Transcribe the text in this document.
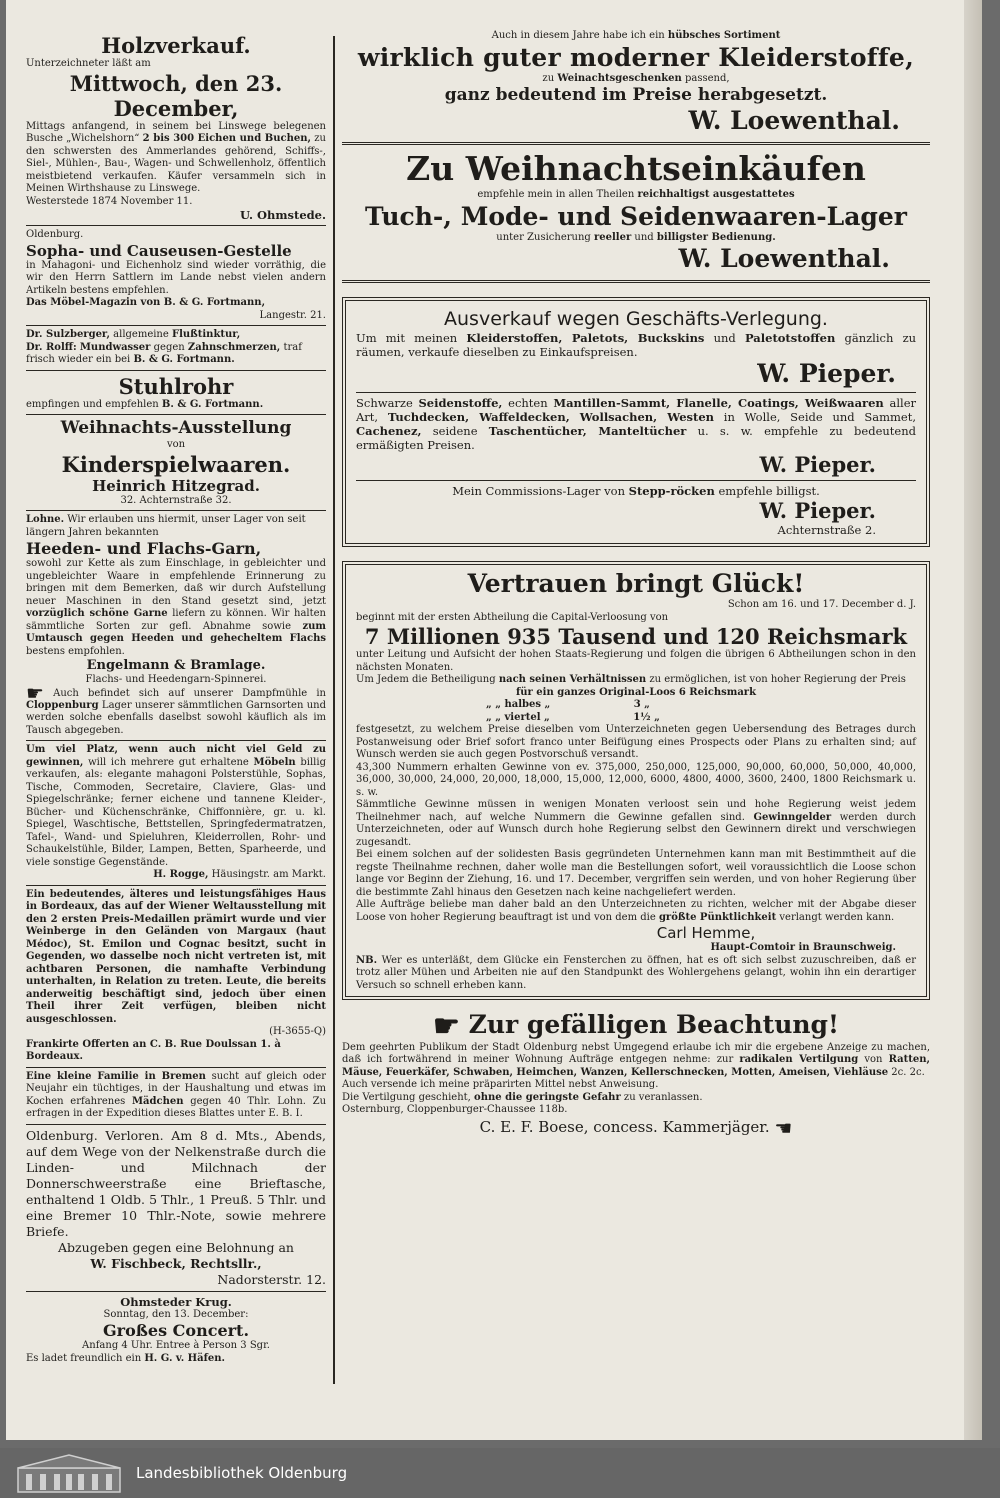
Holzverkauf.
Unterzeichneter läßt am
Mittwoch, den 23. December,
Mittags anfangend, in seinem bei Linswege belegenen Busche „Wichelshorn“ 2 bis 300 Eichen und Buchen, zu den schwersten des Ammerlandes gehörend, Schiffs-, Siel-, Mühlen-, Bau-, Wagen- und Schwellenholz, öffentlich meistbietend verkaufen. Käufer versammeln sich in Meinen Wirthshause zu Linswege.
Westerstede 1874 November 11.
U. Ohmstede.
Oldenburg.
Sopha- und Causeusen-Gestelle
in Mahagoni- und Eichenholz sind wieder vorräthig, die wir den Herrn Sattlern im Lande nebst vielen andern Artikeln bestens empfehlen.
Das Möbel-Magazin von B. & G. Fortmann,
Langestr. 21.
Dr. Sulzberger, allgemeine Flußtinktur,
Dr. Rolff: Mundwasser gegen Zahnschmerzen, traf
frisch wieder ein bei B. & G. Fortmann.
Stuhlrohr
empfingen und empfehlen B. & G. Fortmann.
Weihnachts-Ausstellung
von
Kinderspielwaaren.
Heinrich Hitzegrad.
32. Achternstraße 32.
Lohne. Wir erlauben uns hiermit, unser Lager von seit längern Jahren bekannten
Heeden- und Flachs-Garn,
sowohl zur Kette als zum Einschlage, in gebleichter und ungebleichter Waare in empfehlende Erinnerung zu bringen mit dem Bemerken, daß wir durch Aufstellung neuer Maschinen in den Stand gesetzt sind, jetzt vorzüglich schöne Garne liefern zu können. Wir halten sämmtliche Sorten zur gefl. Abnahme sowie zum Umtausch gegen Heeden und gehecheltem Flachs bestens empfohlen.
Engelmann & Bramlage.
Flachs- und Heedengarn-Spinnerei.
☛ Auch befindet sich auf unserer Dampfmühle in Cloppenburg Lager unserer sämmtlichen Garnsorten und werden solche ebenfalls daselbst sowohl käuflich als im Tausch abgegeben.
Um viel Platz, wenn auch nicht viel Geld zu gewinnen, will ich mehrere gut erhaltene Möbeln billig verkaufen, als: elegante mahagoni Polsterstühle, Sophas, Tische, Commoden, Secretaire, Claviere, Glas- und Spiegelschränke; ferner eichene und tannene Kleider-, Bücher- und Küchenschränke, Chiffonnière, gr. u. kl. Spiegel, Waschtische, Bettstellen, Springfedermatratzen, Tafel-, Wand- und Spieluhren, Kleiderrollen, Rohr- und Schaukelstühle, Bilder, Lampen, Betten, Sparheerde, und viele sonstige Gegenstände.
H. Rogge, Häusingstr. am Markt.
Ein bedeutendes, älteres und leistungsfähiges Haus in Bordeaux, das auf der Wiener Weltausstellung mit den 2 ersten Preis-Medaillen prämirt wurde und vier Weinberge in den Geländen von Margaux (haut Médoc), St. Emilon und Cognac besitzt, sucht in Gegenden, wo dasselbe noch nicht vertreten ist, mit achtbaren Personen, die namhafte Verbindung unterhalten, in Relation zu treten. Leute, die bereits anderweitig beschäftigt sind, jedoch über einen Theil ihrer Zeit verfügen, bleiben nicht ausgeschlossen.
(H-3655-Q)
Frankirte Offerten an C. B. Rue Doulssan 1. à Bordeaux.
Eine kleine Familie in Bremen sucht auf gleich oder Neujahr ein tüchtiges, in der Haushaltung und etwas im Kochen erfahrenes Mädchen gegen 40 Thlr. Lohn. Zu erfragen in der Expedition dieses Blattes unter E. B. I.
Oldenburg. Verloren. Am 8 d. Mts., Abends, auf dem Wege von der Nelkenstraße durch die Linden- und Milchnach der Donnerschweerstraße eine Brieftasche, enthaltend 1 Oldb. 5 Thlr., 1 Preuß. 5 Thlr. und eine Bremer 10 Thlr.-Note, sowie mehrere Briefe.
Abzugeben gegen eine Belohnung an
W. Fischbeck, Rechtsllr.,
Nadorsterstr. 12.
Ohmsteder Krug.
Sonntag, den 13. December:
Großes Concert.
Anfang 4 Uhr. Entree à Person 3 Sgr.
Es ladet freundlich ein H. G. v. Häfen.
Auch in diesem Jahre habe ich ein hübsches Sortiment
wirklich guter moderner Kleiderstoffe,
zu Weinachtsgeschenken passend,
ganz bedeutend im Preise herabgesetzt.
W. Loewenthal.
Zu Weihnachtseinkäufen
empfehle mein in allen Theilen reichhaltigst ausgestattetes
Tuch-, Mode- und Seidenwaaren-Lager
unter Zusicherung reeller und billigster Bedienung.
W. Loewenthal.
Ausverkauf wegen Geschäfts-Verlegung.
Um mit meinen Kleiderstoffen, Paletots, Buckskins und Paletotstoffen gänzlich zu räumen, verkaufe dieselben zu Einkaufspreisen.
W. Pieper.
Schwarze Seidenstoffe, echten Mantillen-Sammt, Flanelle, Coatings, Weißwaaren aller Art, Tuchdecken, Waffeldecken, Wollsachen, Westen in Wolle, Seide und Sammet, Cachenez, seidene Taschentücher, Manteltücher u. s. w. empfehle zu bedeutend ermäßigten Preisen.
W. Pieper.
Mein Commissions-Lager von Stepp-röcken empfehle billigst.
W. Pieper.
Achternstraße 2.
Vertrauen bringt Glück!
Schon am 16. und 17. December d. J.
beginnt mit der ersten Abtheilung die Capital-Verloosung von
7 Millionen 935 Tausend und 120 Reichsmark
unter Leitung und Aufsicht der hohen Staats-Regierung und folgen die übrigen 6 Abtheilungen schon in den nächsten Monaten.
Um Jedem die Betheiligung nach seinen Verhältnissen zu ermöglichen, ist von hoher Regierung der Preis
für ein ganzes Original-Loos 6 Reichsmark
„ „ halbes „	3 „
„ „ viertel „	1½ „
festgesetzt, zu welchem Preise dieselben vom Unterzeichneten gegen Uebersendung des Betrages durch Postanweisung oder Brief sofort franco unter Beifügung eines Prospects oder Plans zu erhalten sind; auf Wunsch werden sie auch gegen Postvorschuß versandt.
43,300 Nummern erhalten Gewinne von ev. 375,000, 250,000, 125,000, 90,000, 60,000, 50,000, 40,000, 36,000, 30,000, 24,000, 20,000, 18,000, 15,000, 12,000, 6000, 4800, 4000, 3600, 2400, 1800 Reichsmark u. s. w.
Sämmtliche Gewinne müssen in wenigen Monaten verloost sein und hohe Regierung weist jedem Theilnehmer nach, auf welche Nummern die Gewinne gefallen sind. Gewinngelder werden durch Unterzeichneten, oder auf Wunsch durch hohe Regierung selbst den Gewinnern direkt und verschwiegen zugesandt.
Bei einem solchen auf der solidesten Basis gegründeten Unternehmen kann man mit Bestimmtheit auf die regste Theilnahme rechnen, daher wolle man die Bestellungen sofort, weil voraussichtlich die Loose schon lange vor Beginn der Ziehung, 16. und 17. December, vergriffen sein werden, und von hoher Regierung über die bestimmte Zahl hinaus den Gesetzen nach keine nachgeliefert werden.
Alle Aufträge beliebe man daher bald an den Unterzeichneten zu richten, welcher mit der Abgabe dieser Loose von hoher Regierung beauftragt ist und von dem die größte Pünktlichkeit verlangt werden kann.
Carl Hemme,
Haupt-Comtoir in Braunschweig.
NB. Wer es unterläßt, dem Glücke ein Fensterchen zu öffnen, hat es oft sich selbst zuzuschreiben, daß er trotz aller Mühen und Arbeiten nie auf den Standpunkt des Wohlergehens gelangt, wohin ihn ein derartiger Versuch so schnell erheben kann.
☛ Zur gefälligen Beachtung!
Dem geehrten Publikum der Stadt Oldenburg nebst Umgegend erlaube ich mir die ergebene Anzeige zu machen, daß ich fortwährend in meiner Wohnung Aufträge entgegen nehme: zur radikalen Vertilgung von Ratten, Mäuse, Feuerkäfer, Schwaben, Heimchen, Wanzen, Kellerschnecken, Motten, Ameisen, Viehläuse 2c. 2c.
Auch versende ich meine präparirten Mittel nebst Anweisung.
Die Vertilgung geschieht, ohne die geringste Gefahr zu veranlassen.
Osternburg, Cloppenburger-Chaussee 118b.
C. E. F. Boese, concess. Kammerjäger. ☚
Landesbibliothek Oldenburg
